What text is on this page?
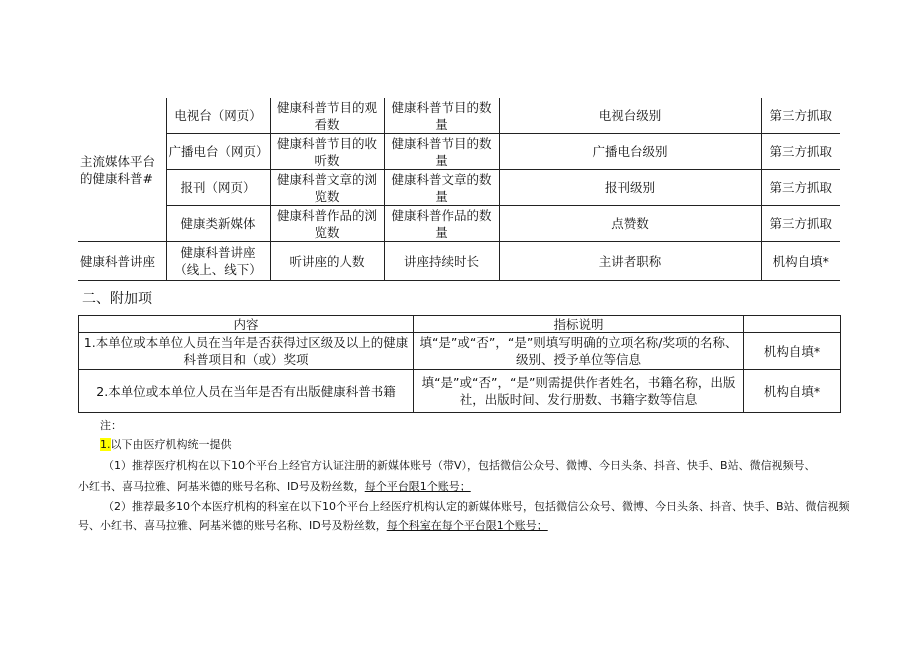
主流媒体平台的健康科普#	电视台（网页）	健康科普节目的观看数	健康科普节目的数量	电视台级别	第三方抓取
	广播电台（网页）	健康科普节目的收听数	健康科普节目的数量	广播电台级别	第三方抓取
	报刊（网页）	健康科普文章的浏览数	健康科普文章的数量	报刊级别	第三方抓取
	健康类新媒体	健康科普作品的浏览数	健康科普作品的数量	点赞数	第三方抓取
健康科普讲座	健康科普讲座（线上、线下）	听讲座的人数	讲座持续时长	主讲者职称	机构自填*
二、附加项
内容	指标说明	
1.本单位或本单位人员在当年是否获得过区级及以上的健康科普项目和（或）奖项	填“是”或“否”，“是”则填写明确的立项名称/奖项的名称、级别、授予单位等信息	机构自填*
2.本单位或本单位人员在当年是否有出版健康科普书籍	填“是”或“否”，“是”则需提供作者姓名，书籍名称，出版社，出版时间、发行册数、书籍字数等信息	机构自填*
注：
1.以下由医疗机构统一提供
（1）推荐医疗机构在以下10个平台上经官方认证注册的新媒体账号（带V），包括微信公众号、微博、今日头条、抖音、快手、B站、微信视频号、
小红书、喜马拉雅、阿基米德的账号名称、ID号及粉丝数，每个平台限1个账号；
（2）推荐最多10个本医疗机构的科室在以下10个平台上经医疗机构认定的新媒体账号，包括微信公众号、微博、今日头条、抖音、快手、B站、微信视频
号、小红书、喜马拉雅、阿基米德的账号名称、ID号及粉丝数，每个科室在每个平台限1个账号；
